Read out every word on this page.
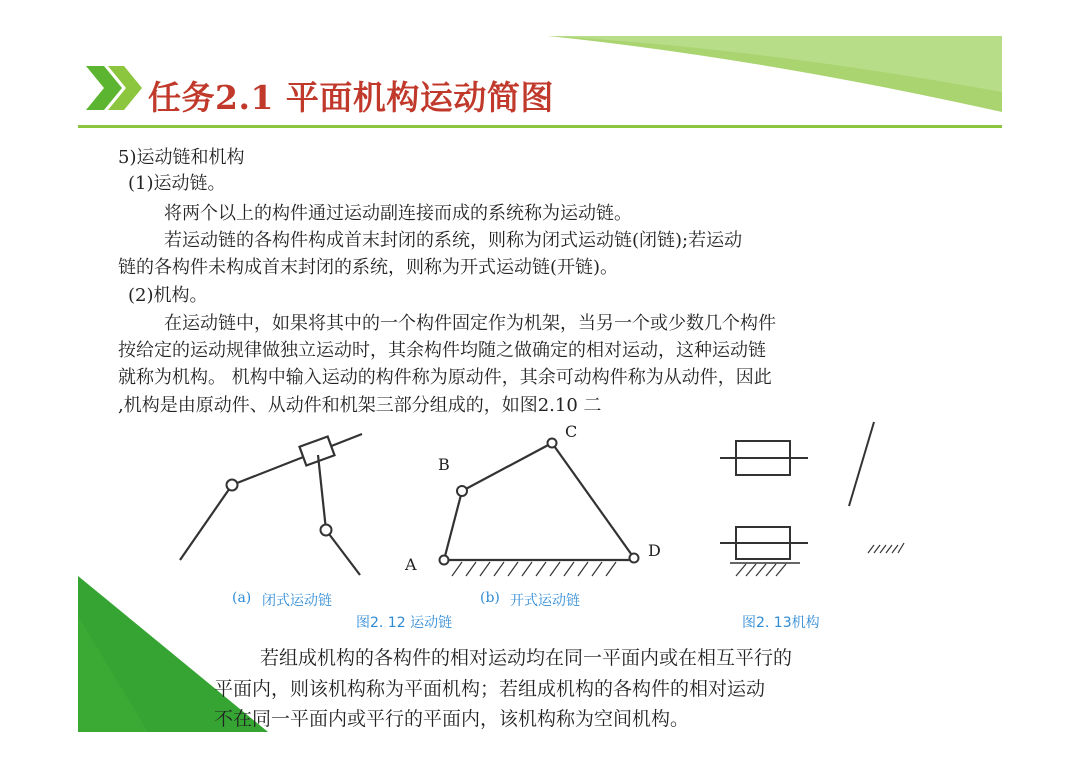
任务2.1 平面机构运动简图
5)运动链和机构
(1)运动链。
将两个以上的构件通过运动副连接而成的系统称为运动链。
若运动链的各构件构成首末封闭的系统，则称为闭式运动链(闭链);若运动
链的各构件未构成首末封闭的系统，则称为开式运动链(开链)。
(2)机构。
在运动链中，如果将其中的一个构件固定作为机架，当另一个或少数几个构件
按给定的运动规律做独立运动时，其余构件均随之做确定的相对运动，这种运动链
就称为机构。 机构中输入运动的构件称为原动件，其余可动构件称为从动件，因此
,机构是由原动件、从动件和机架三部分组成的，如图2.10 二
B
C
A
D
(a) 闭式运动链	(b) 开式运动链
图2. 12 运动链	图2. 13机构
若组成机构的各构件的相对运动均在同一平面内或在相互平行的
平面内，则该机构称为平面机构；若组成机构的各构件的相对运动
不在同一平面内或平行的平面内，该机构称为空间机构。
